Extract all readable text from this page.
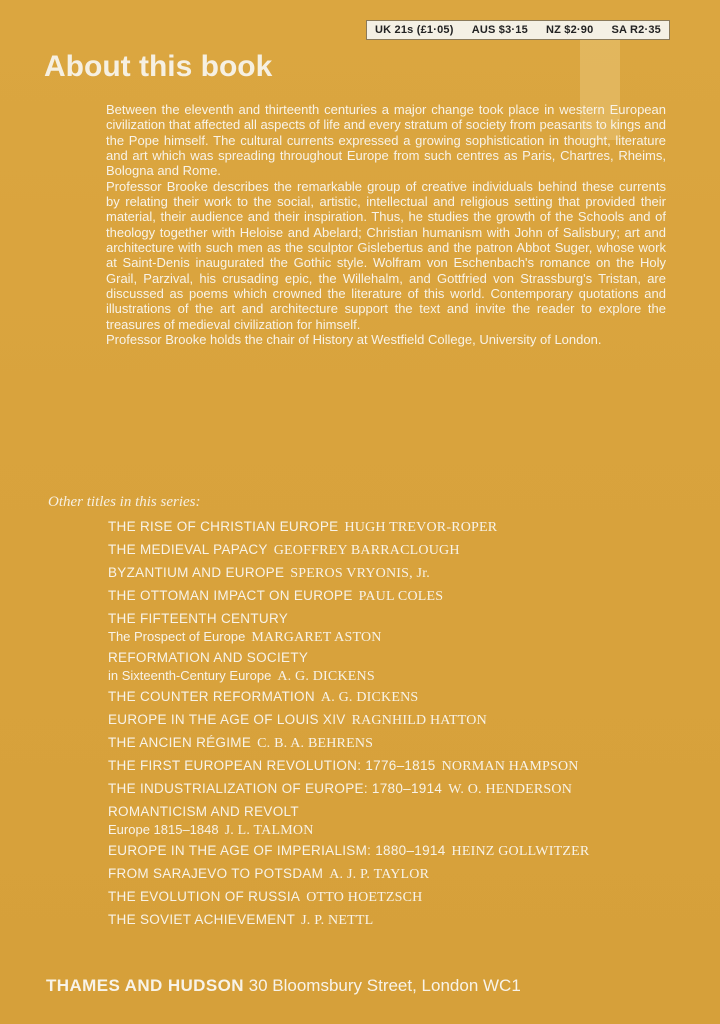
UK 21s (£1·05) AUS $3·15 NZ $2·90 SA R2·35
About this book

Between the eleventh and thirteenth centuries a major change took place in western European civilization that affected all aspects of life and every stratum of society from peasants to kings and the Pope himself. The cultural currents expressed a growing sophistication in thought, literature and art which was spreading throughout Europe from such centres as Paris, Chartres, Rheims, Bologna and Rome.
Professor Brooke describes the remarkable group of creative individuals behind these currents by relating their work to the social, artistic, intellectual and religious setting that provided their material, their audience and their inspiration. Thus, he studies the growth of the Schools and of theology together with Heloise and Abelard; Christian humanism with John of Salisbury; art and architecture with such men as the sculptor Gislebertus and the patron Abbot Suger, whose work at Saint-Denis inaugurated the Gothic style. Wolfram von Eschenbach's romance on the Holy Grail, Parzival, his crusading epic, the Willehalm, and Gottfried von Strassburg's Tristan, are discussed as poems which crowned the literature of this world. Contemporary quotations and illustrations of the art and architecture support the text and invite the reader to explore the treasures of medieval civilization for himself.
Professor Brooke holds the chair of History at Westfield College, University of London.

Other titles in this series:

THE RISE OF CHRISTIAN EUROPE HUGH TREVOR-ROPER
THE MEDIEVAL PAPACY GEOFFREY BARRACLOUGH
BYZANTIUM AND EUROPE SPEROS VRYONIS, Jr.
THE OTTOMAN IMPACT ON EUROPE PAUL COLES
THE FIFTEENTH CENTURY
The Prospect of Europe MARGARET ASTON
REFORMATION AND SOCIETY
in Sixteenth-Century Europe A. G. DICKENS
THE COUNTER REFORMATION A. G. DICKENS
EUROPE IN THE AGE OF LOUIS XIV RAGNHILD HATTON
THE ANCIEN RÉGIME C. B. A. BEHRENS
THE FIRST EUROPEAN REVOLUTION: 1776–1815 NORMAN HAMPSON
THE INDUSTRIALIZATION OF EUROPE: 1780–1914 W. O. HENDERSON
ROMANTICISM AND REVOLT
Europe 1815–1848 J. L. TALMON
EUROPE IN THE AGE OF IMPERIALISM: 1880–1914 HEINZ GOLLWITZER
FROM SARAJEVO TO POTSDAM A. J. P. TAYLOR
THE EVOLUTION OF RUSSIA OTTO HOETZSCH
THE SOVIET ACHIEVEMENT J. P. NETTL
THAMES AND HUDSON 30 Bloomsbury Street, London WC1
